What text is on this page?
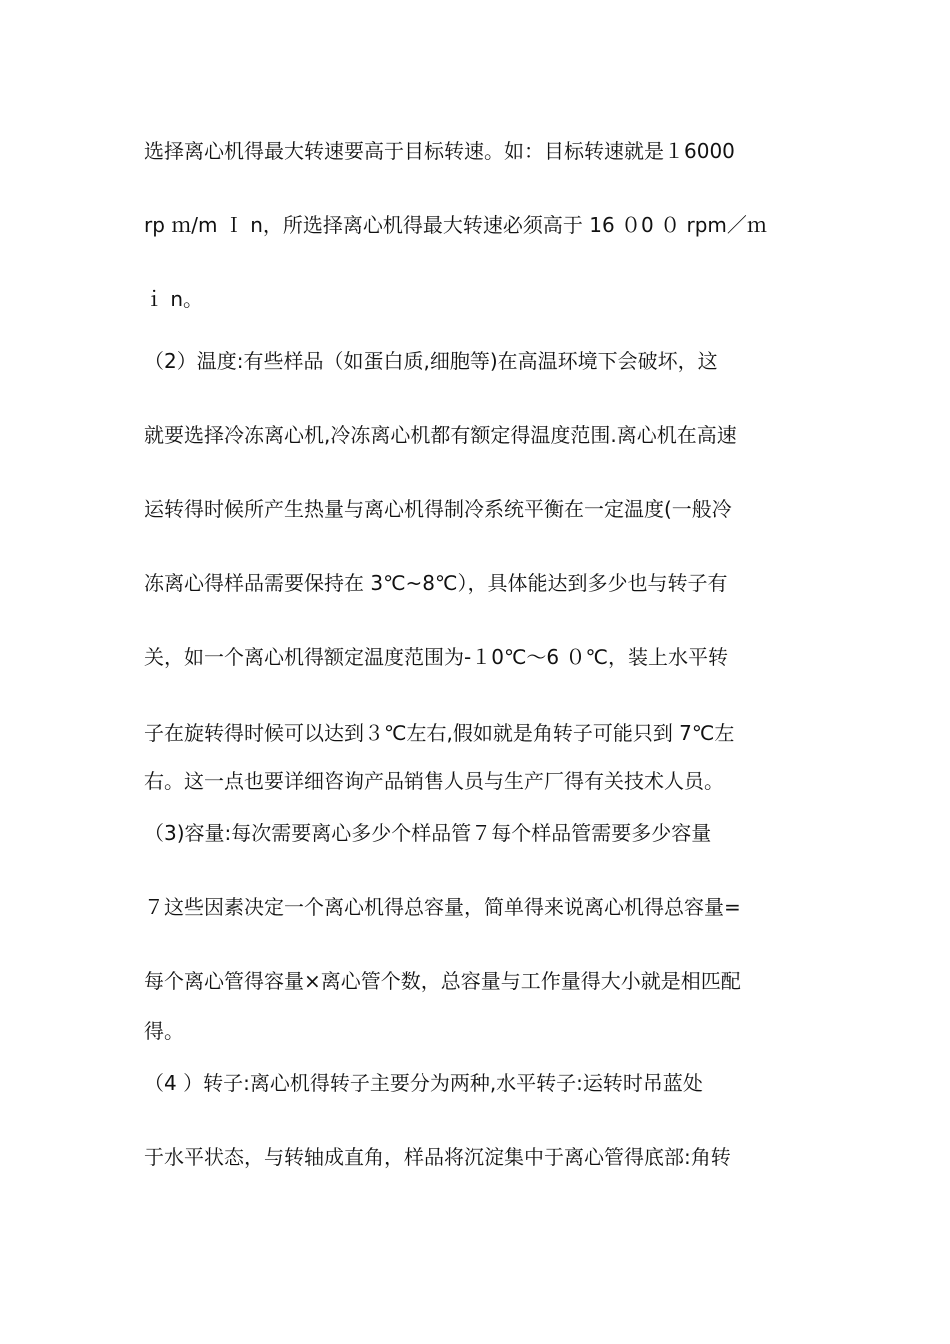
选择离心机得最大转速要高于目标转速。如：目标转速就是１6000
rp ｍ/m Ｉ n，所选择离心机得最大转速必须高于 16 ０0 ０ rpm／ｍ
ｉ n。
（2）温度:有些样品（如蛋白质,细胞等)在高温环境下会破坏，这
就要选择冷冻离心机,冷冻离心机都有额定得温度范围.离心机在高速
运转得时候所产生热量与离心机得制冷系统平衡在一定温度(一般冷
冻离心得样品需要保持在 3℃~8℃），具体能达到多少也与转子有
关，如一个离心机得额定温度范围为-１0℃～6 ０℃，装上水平转
子在旋转得时候可以达到３℃左右,假如就是角转子可能只到 7℃左
右。这一点也要详细咨询产品销售人员与生产厂得有关技术人员。
（3)容量:每次需要离心多少个样品管７每个样品管需要多少容量
７这些因素决定一个离心机得总容量，简单得来说离心机得总容量=
每个离心管得容量×离心管个数，总容量与工作量得大小就是相匹配
得。
（4 ）转子:离心机得转子主要分为两种,水平转子:运转时吊蓝处
于水平状态，与转轴成直角，样品将沉淀集中于离心管得底部:角转
